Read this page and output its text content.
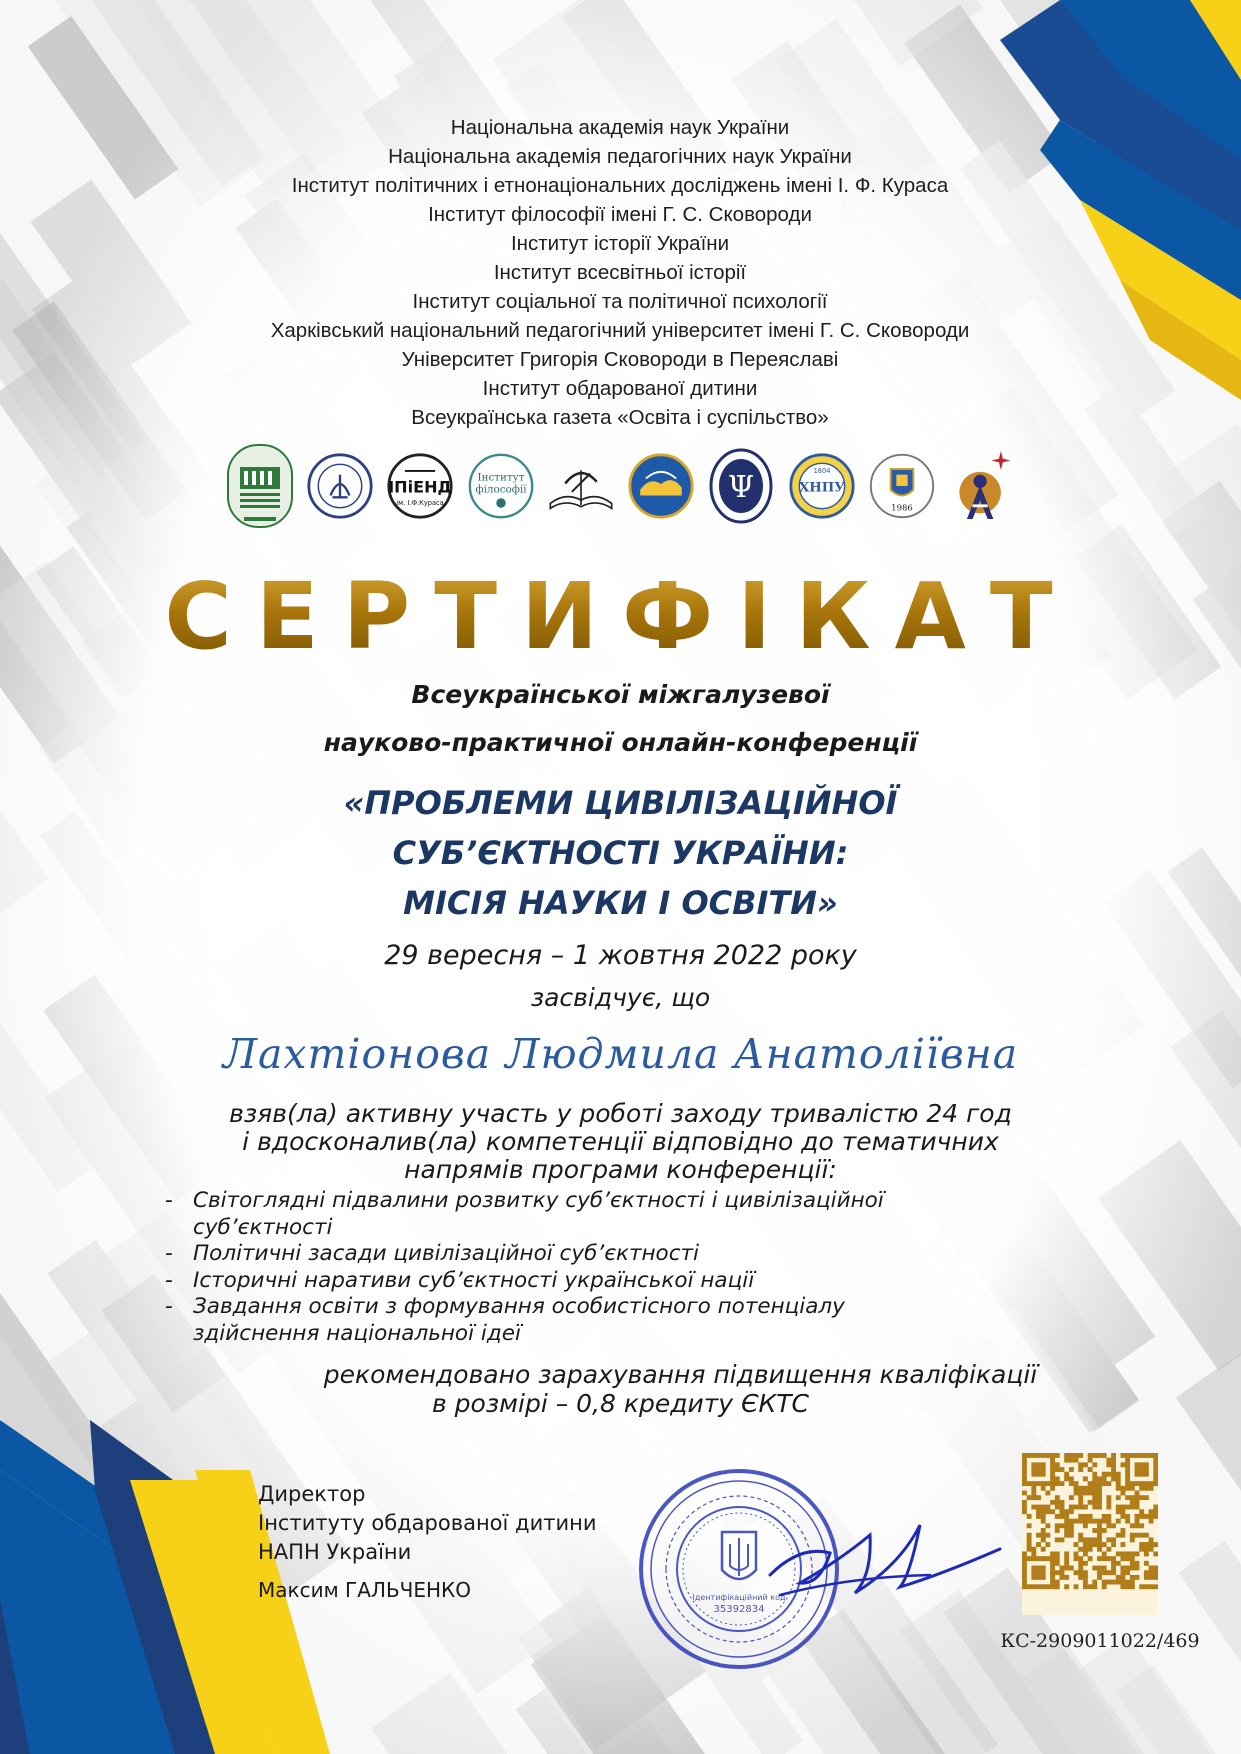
Національна академія наук України
Національна академія педагогічних наук України
Інститут політичних і етнонаціональних досліджень імені І. Ф. Кураса
Інститут філософії імені Г. С. Сковороди
Інститут історії України
Інститут всесвітньої історії
Інститут соціальної та політичної психології
Харківський національний педагогічний університет імені Г. С. Сковороди
Університет Григорія Сковороди в Переяславі
Інститут обдарованої дитини
Всеукраїнська газета «Освіта і суспільство»
ІПіЕНД
ім. І.Ф.Кураса
Інститут
філософії	Ψ	1804
ХНПУ
1986
СЕРТИФІКАТ
Всеукраїнської міжгалузевої
науково-практичної онлайн-конференції
«ПРОБЛЕМИ ЦИВІЛІЗАЦІЙНОЇ
СУБ’ЄКТНОСТІ УКРАЇНИ:
МІСІЯ НАУКИ І ОСВІТИ»
29 вересня – 1 жовтня 2022 року
засвідчує, що
Лахтіонова Людмила Анатоліївна
взяв(ла) активну участь у роботі заходу тривалістю 24 год
і вдосконалив(ла) компетенції відповідно до тематичних
напрямів програми конференції:
- Світоглядні підвалини розвитку суб’єктності і цивілізаційної
суб’єктності
- Політичні засади цивілізаційної суб’єктності
- Історичні наративи суб’єктності української нації
- Завдання освіти з формування особистісного потенціалу
здійснення національної ідеї
рекомендовано зарахування підвищення кваліфікації
в розмірі – 0,8 кредиту ЄКТС
Директор
Інституту обдарованої дитини
НАПН України
Максим ГАЛЬЧЕНКО	Ідентифікаційний код
35392834
КС-2909011022/469
